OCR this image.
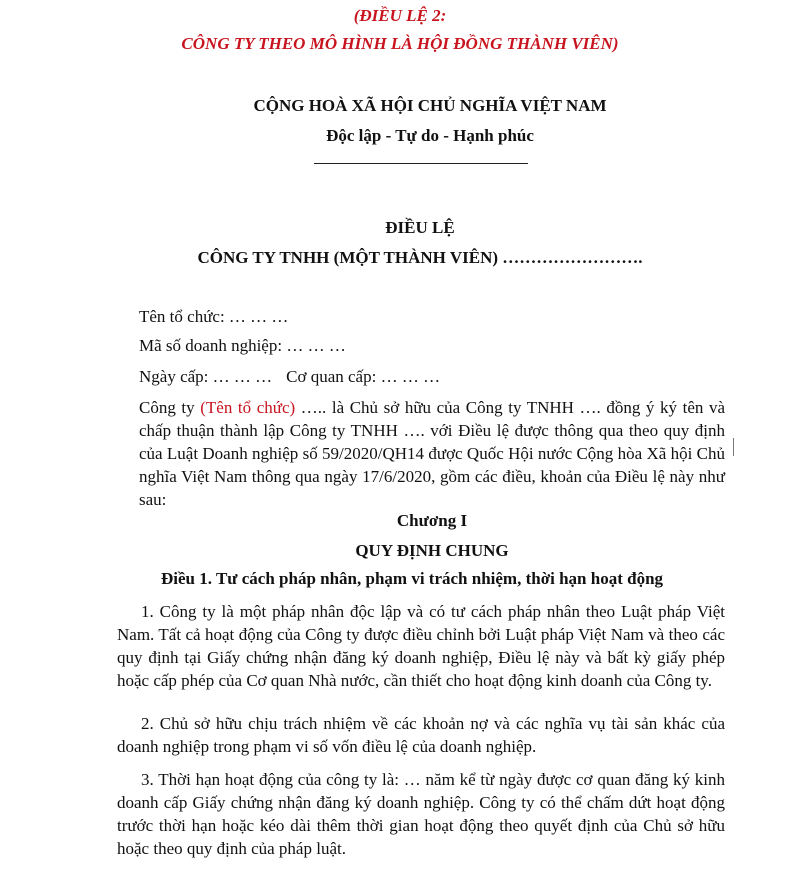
(ĐIỀU LỆ 2:
CÔNG TY THEO MÔ HÌNH LÀ HỘI ĐỒNG THÀNH VIÊN)
CỘNG HOÀ XÃ HỘI CHỦ NGHĨA VIỆT NAM
Độc lập - Tự do - Hạnh phúc
ĐIỀU LỆ
CÔNG TY TNHH (MỘT THÀNH VIÊN) …………………….
Tên tổ chức: … … …
Mã số doanh nghiệp: … … …
Ngày cấp: … … … Cơ quan cấp: … … …
Công ty (Tên tổ chức) ….. là Chủ sở hữu của Công ty TNHH …. đồng ý ký tên và chấp thuận thành lập Công ty TNHH …. với Điều lệ được thông qua theo quy định của Luật Doanh nghiệp số 59/2020/QH14 được Quốc Hội nước Cộng hòa Xã hội Chủ nghĩa Việt Nam thông qua ngày 17/6/2020, gồm các điều, khoản của Điều lệ này như sau:
Chương I
QUY ĐỊNH CHUNG
Điều 1. Tư cách pháp nhân, phạm vi trách nhiệm, thời hạn hoạt động
1. Công ty là một pháp nhân độc lập và có tư cách pháp nhân theo Luật pháp Việt Nam. Tất cả hoạt động của Công ty được điều chỉnh bởi Luật pháp Việt Nam và theo các quy định tại Giấy chứng nhận đăng ký doanh nghiệp, Điều lệ này và bất kỳ giấy phép hoặc cấp phép của Cơ quan Nhà nước, cần thiết cho hoạt động kinh doanh của Công ty.
2. Chủ sở hữu chịu trách nhiệm về các khoản nợ và các nghĩa vụ tài sản khác của doanh nghiệp trong phạm vi số vốn điều lệ của doanh nghiệp.
3. Thời hạn hoạt động của công ty là: … năm kể từ ngày được cơ quan đăng ký kinh doanh cấp Giấy chứng nhận đăng ký doanh nghiệp. Công ty có thể chấm dứt hoạt động trước thời hạn hoặc kéo dài thêm thời gian hoạt động theo quyết định của Chủ sở hữu hoặc theo quy định của pháp luật.
